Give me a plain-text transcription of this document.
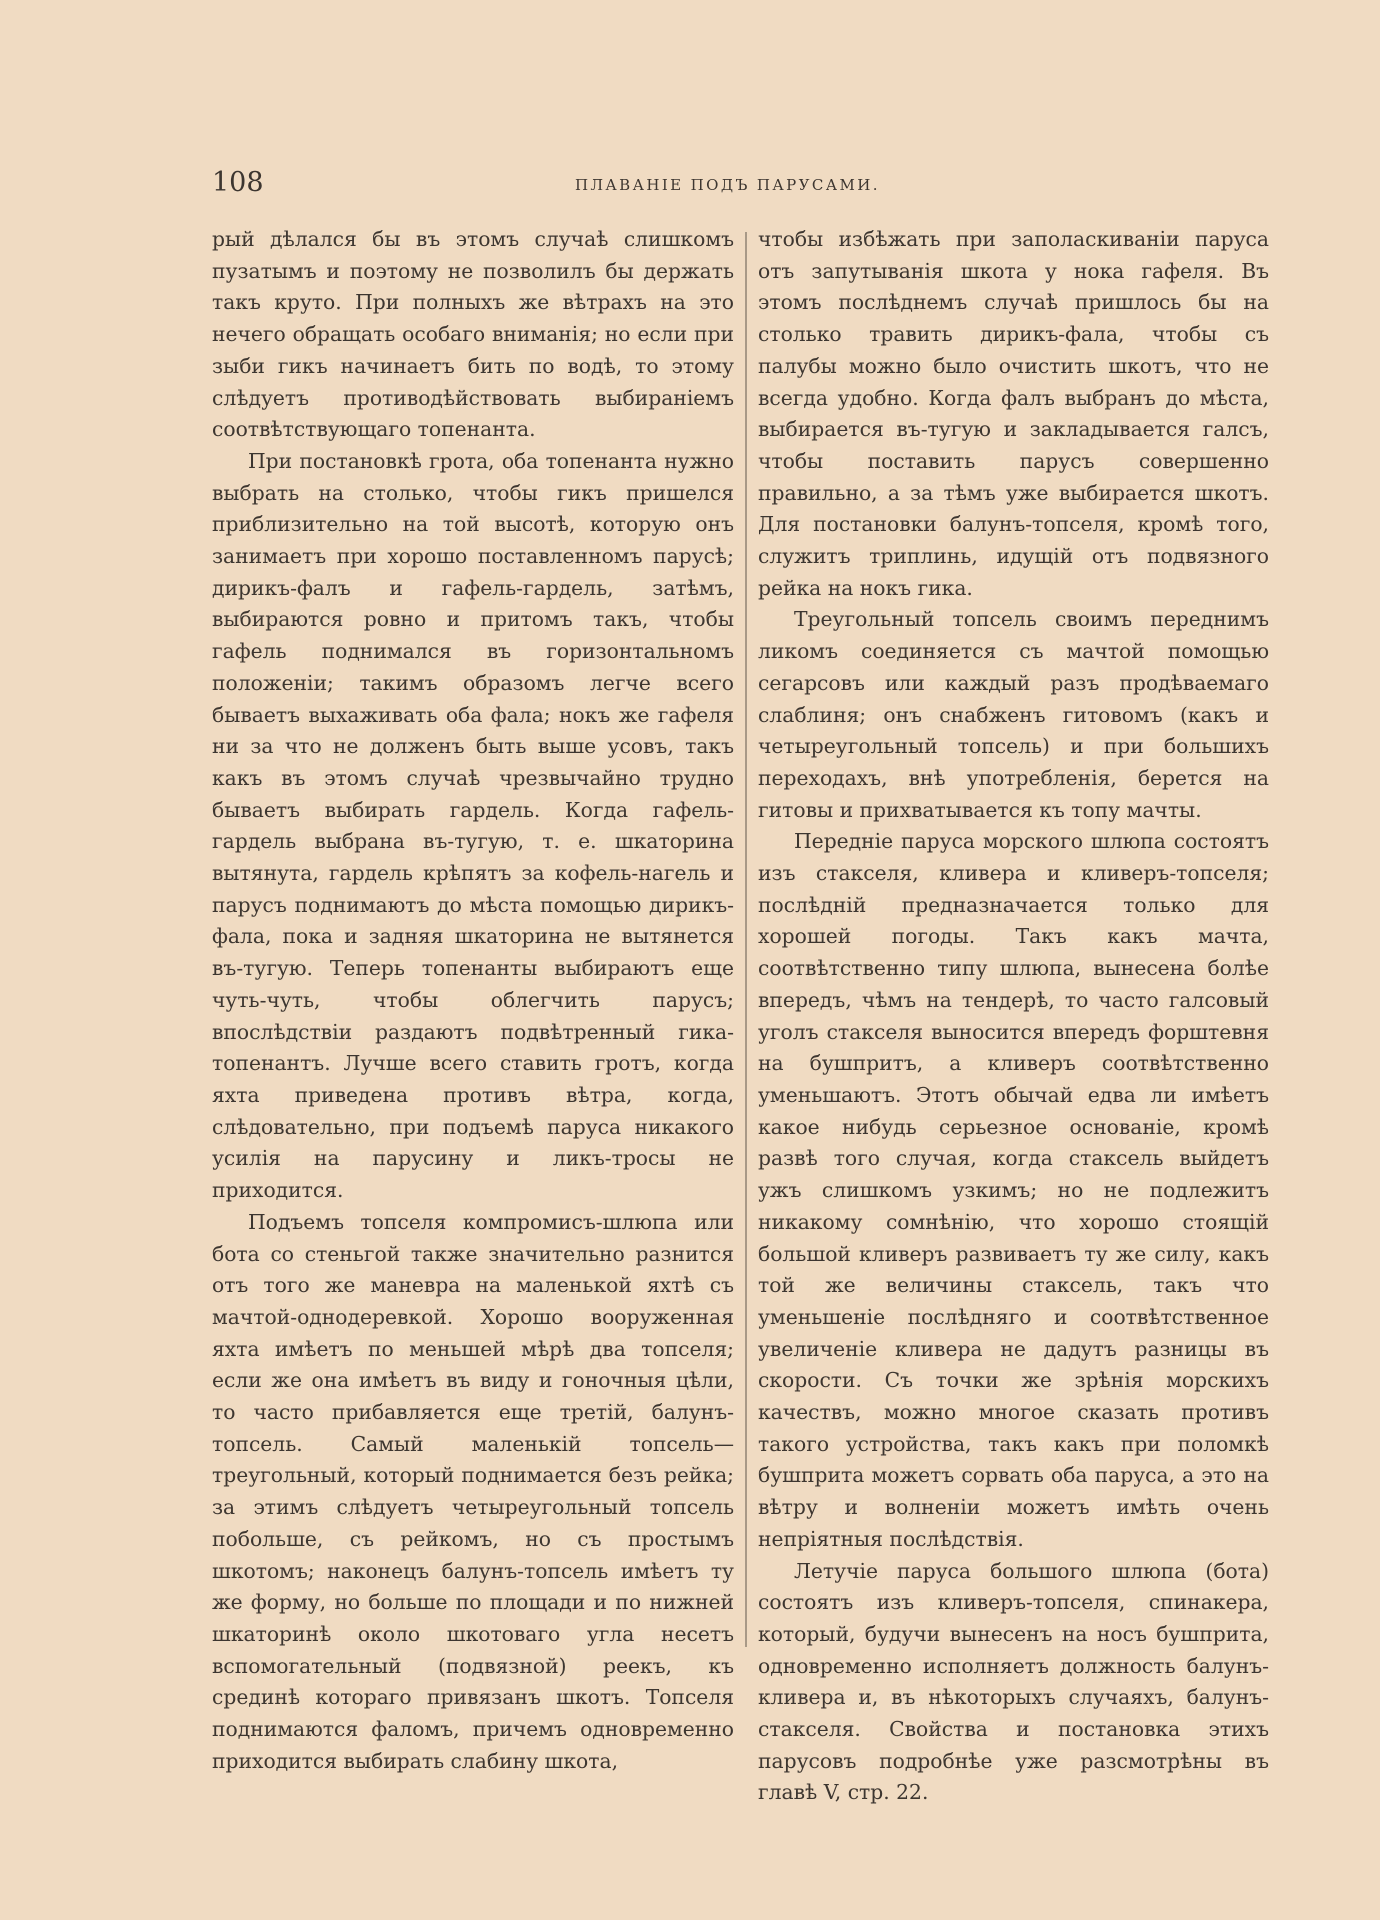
108	ПЛАВАНІЕ ПОДЪ ПАРУСАМИ.

рый дѣлался бы въ этомъ случаѣ слишкомъ пузатымъ и поэтому не позволилъ бы держать такъ круто. При полныхъ же вѣтрахъ на это нечего обращать особаго вниманія; но если при зыби гикъ начинаетъ бить по водѣ, то этому слѣдуетъ противодѣйствовать выбираніемъ соотвѣтствующаго топенанта.

При постановкѣ грота, оба топенанта нужно выбрать на столько, чтобы гикъ пришелся приблизительно на той высотѣ, которую онъ занимаетъ при хорошо поставленномъ парусѣ; дирикъ-фалъ и гафель-гардель, затѣмъ, выбираются ровно и притомъ такъ, чтобы гафель поднимался въ горизонтальномъ положеніи; такимъ образомъ легче всего бываетъ выхаживать оба фала; нокъ же гафеля ни за что не долженъ быть выше усовъ, такъ какъ въ этомъ случаѣ чрезвычайно трудно бываетъ выбирать гардель. Когда гафель-гардель выбрана въ-тугую, т. е. шкаторина вытянута, гардель крѣпятъ за кофель-нагель и парусъ поднимаютъ до мѣста помощью дирикъ-фала, пока и задняя шкаторина не вытянется въ-тугую. Теперь топенанты выбираютъ еще чуть-чуть, чтобы облегчить парусъ; впослѣдствіи раздаютъ подвѣтренный гика-топенантъ. Лучше всего ставить гротъ, когда яхта приведена противъ вѣтра, когда, слѣдовательно, при подъемѣ паруса никакого усилія на парусину и ликъ-тросы не приходится.

Подъемъ топселя компромисъ-шлюпа или бота со стеньгой также значительно разнится отъ того же маневра на маленькой яхтѣ съ мачтой-однодеревкой. Хорошо вооруженная яхта имѣетъ по меньшей мѣрѣ два топселя; если же она имѣетъ въ виду и гоночныя цѣли, то часто прибавляется еще третій, балунъ-топсель. Самый маленькій топсель—треугольный, который поднимается безъ рейка; за этимъ слѣдуетъ четыреугольный топсель побольше, съ рейкомъ, но съ простымъ шкотомъ; наконецъ балунъ-топсель имѣетъ ту же форму, но больше по площади и по нижней шкаторинѣ около шкотоваго угла несетъ вспомогательный (подвязной) реекъ, къ срединѣ котораго привязанъ шкотъ. Топселя поднимаются фаломъ, причемъ одновременно приходится выбирать слабину шкота,

чтобы избѣжать при заполаскиваніи паруса отъ запутыванія шкота у нока гафеля. Въ этомъ послѣднемъ случаѣ пришлось бы на столько травить дирикъ-фала, чтобы съ палубы можно было очистить шкотъ, что не всегда удобно. Когда фалъ выбранъ до мѣста, выбирается въ-тугую и закладывается галсъ, чтобы поставить парусъ совершенно правильно, а за тѣмъ уже выбирается шкотъ. Для постановки балунъ-топселя, кромѣ того, служитъ триплинь, идущій отъ подвязного рейка на нокъ гика.

Треугольный топсель своимъ переднимъ ликомъ соединяется съ мачтой помощью сегарсовъ или каждый разъ продѣваемаго слаблиня; онъ снабженъ гитовомъ (какъ и четыреугольный топсель) и при большихъ переходахъ, внѣ употребленія, берется на гитовы и прихватывается къ топу мачты.

Передніе паруса морского шлюпа состоятъ изъ стакселя, кливера и кливеръ-топселя; послѣдній предназначается только для хорошей погоды. Такъ какъ мачта, соотвѣтственно типу шлюпа, вынесена болѣе впередъ, чѣмъ на тендерѣ, то часто галсовый уголъ стакселя выносится впередъ форштевня на бушпритъ, а кливеръ соотвѣтственно уменьшаютъ. Этотъ обычай едва ли имѣетъ какое нибудь серьезное основаніе, кромѣ развѣ того случая, когда стаксель выйдетъ ужъ слишкомъ узкимъ; но не подлежитъ никакому сомнѣнію, что хорошо стоящій большой кливеръ развиваетъ ту же силу, какъ той же величины стаксель, такъ что уменьшеніе послѣдняго и соотвѣтственное увеличеніе кливера не дадутъ разницы въ скорости. Съ точки же зрѣнія морскихъ качествъ, можно многое сказать противъ такого устройства, такъ какъ при поломкѣ бушприта можетъ сорвать оба паруса, а это на вѣтру и волненіи можетъ имѣть очень непріятныя послѣдствія.

Летучіе паруса большого шлюпа (бота) состоятъ изъ кливеръ-топселя, спинакера, который, будучи вынесенъ на носъ бушприта, одновременно исполняетъ должность балунъ-кливера и, въ нѣкоторыхъ случаяхъ, балунъ-стакселя. Свойства и постановка этихъ парусовъ подробнѣе уже разсмотрѣны въ главѣ V, стр. 22.
